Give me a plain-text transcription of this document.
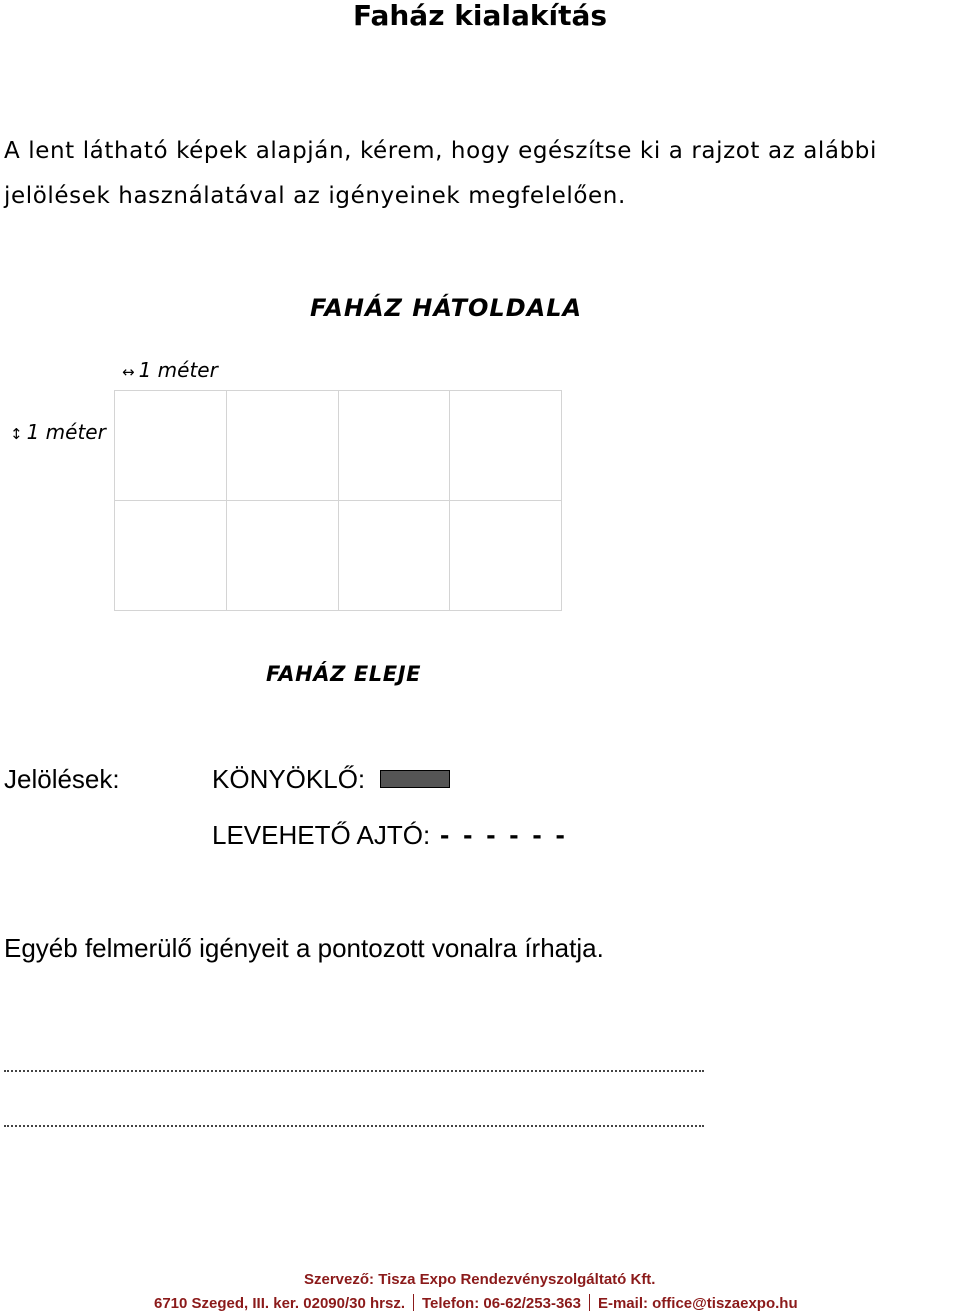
Faház kialakítás
A lent látható képek alapján, kérem, hogy egészítse ki a rajzot az alábbi
jelölések használatával az igényeinek megfelelően.
FAHÁZ HÁTOLDALA
↔ 1 méter
↕ 1 méter
FAHÁZ ELEJE
Jelölések:	KÖNYÖKLŐ:
LEVEHETŐ AJTÓ: - - - - - -
Egyéb felmerülő igényeit a pontozott vonalra írhatja.
Szervező: Tisza Expo Rendezvényszolgáltató Kft.
6710 Szeged, III. ker. 02090/30 hrsz. Telefon: 06-62/253-363 E-mail: office@tiszaexpo.hu
